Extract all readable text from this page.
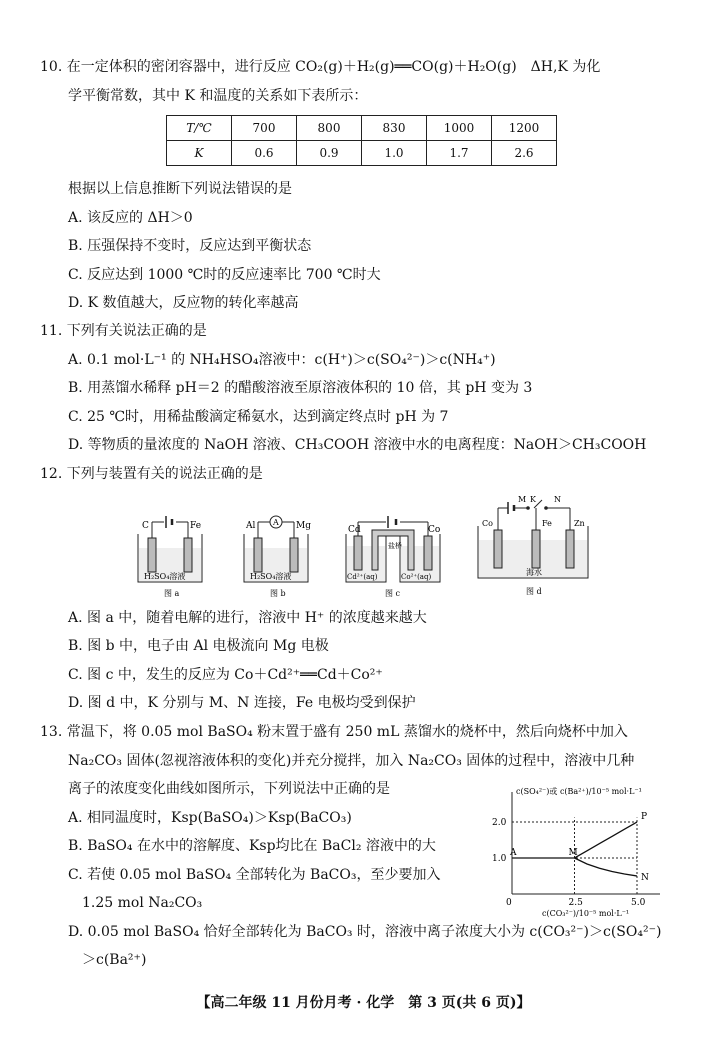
10. 在一定体积的密闭容器中，进行反应 CO₂(g)＋H₂(g)══CO(g)＋H₂O(g)　ΔH,K 为化
学平衡常数，其中 K 和温度的关系如下表所示：
T/℃	700	800	830	1000	1200
K	0.6	0.9	1.0	1.7	2.6
根据以上信息推断下列说法错误的是
A. 该反应的 ΔH＞0
B. 压强保持不变时，反应达到平衡状态
C. 反应达到 1000 ℃时的反应速率比 700 ℃时大
D. K 数值越大，反应物的转化率越高
11. 下列有关说法正确的是
A. 0.1 mol·L⁻¹ 的 NH₄HSO₄溶液中：c(H⁺)＞c(SO₄²⁻)＞c(NH₄⁺)
B. 用蒸馏水稀释 pH＝2 的醋酸溶液至原溶液体积的 10 倍，其 pH 变为 3
C. 25 ℃时，用稀盐酸滴定稀氨水，达到滴定终点时 pH 为 7
D. 等物质的量浓度的 NaOH 溶液、CH₃COOH 溶液中水的电离程度：NaOH＞CH₃COOH
12. 下列与装置有关的说法正确的是
C	Fe
H₂SO₄溶液
图 a
A
Al	Mg
H₂SO₄溶液
图 b
Cd	Co
盐桥
Cd²⁺(aq)	Co²⁺(aq)
图 c
M K N
Co	Fe	Zn
海水
图 d
A. 图 a 中，随着电解的进行，溶液中 H⁺ 的浓度越来越大
B. 图 b 中，电子由 Al 电极流向 Mg 电极
C. 图 c 中，发生的反应为 Co＋Cd²⁺══Cd＋Co²⁺
D. 图 d 中，K 分别与 M、N 连接，Fe 电极均受到保护
13. 常温下，将 0.05 mol BaSO₄ 粉末置于盛有 250 mL 蒸馏水的烧杯中，然后向烧杯中加入
Na₂CO₃ 固体(忽视溶液体积的变化)并充分搅拌，加入 Na₂CO₃ 固体的过程中，溶液中几种
离子的浓度变化曲线如图所示，下列说法中正确的是
A. 相同温度时，Ksp(BaSO₄)＞Ksp(BaCO₃)
B. BaSO₄ 在水中的溶解度、Ksp均比在 BaCl₂ 溶液中的大
C. 若使 0.05 mol BaSO₄ 全部转化为 BaCO₃，至少要加入
1.25 mol Na₂CO₃
D. 0.05 mol BaSO₄ 恰好全部转化为 BaCO₃ 时，溶液中离子浓度大小为 c(CO₃²⁻)＞c(SO₄²⁻)
＞c(Ba²⁺)
c(SO₄²⁻)或 c(Ba²⁺)/10⁻⁵ mol·L⁻¹
c(CO₃²⁻)/10⁻⁵ mol·L⁻¹
0	2.5	5.0
1.0
2.0
A	M
P
N
【高二年级 11 月份月考 · 化学　第 3 页(共 6 页)】
